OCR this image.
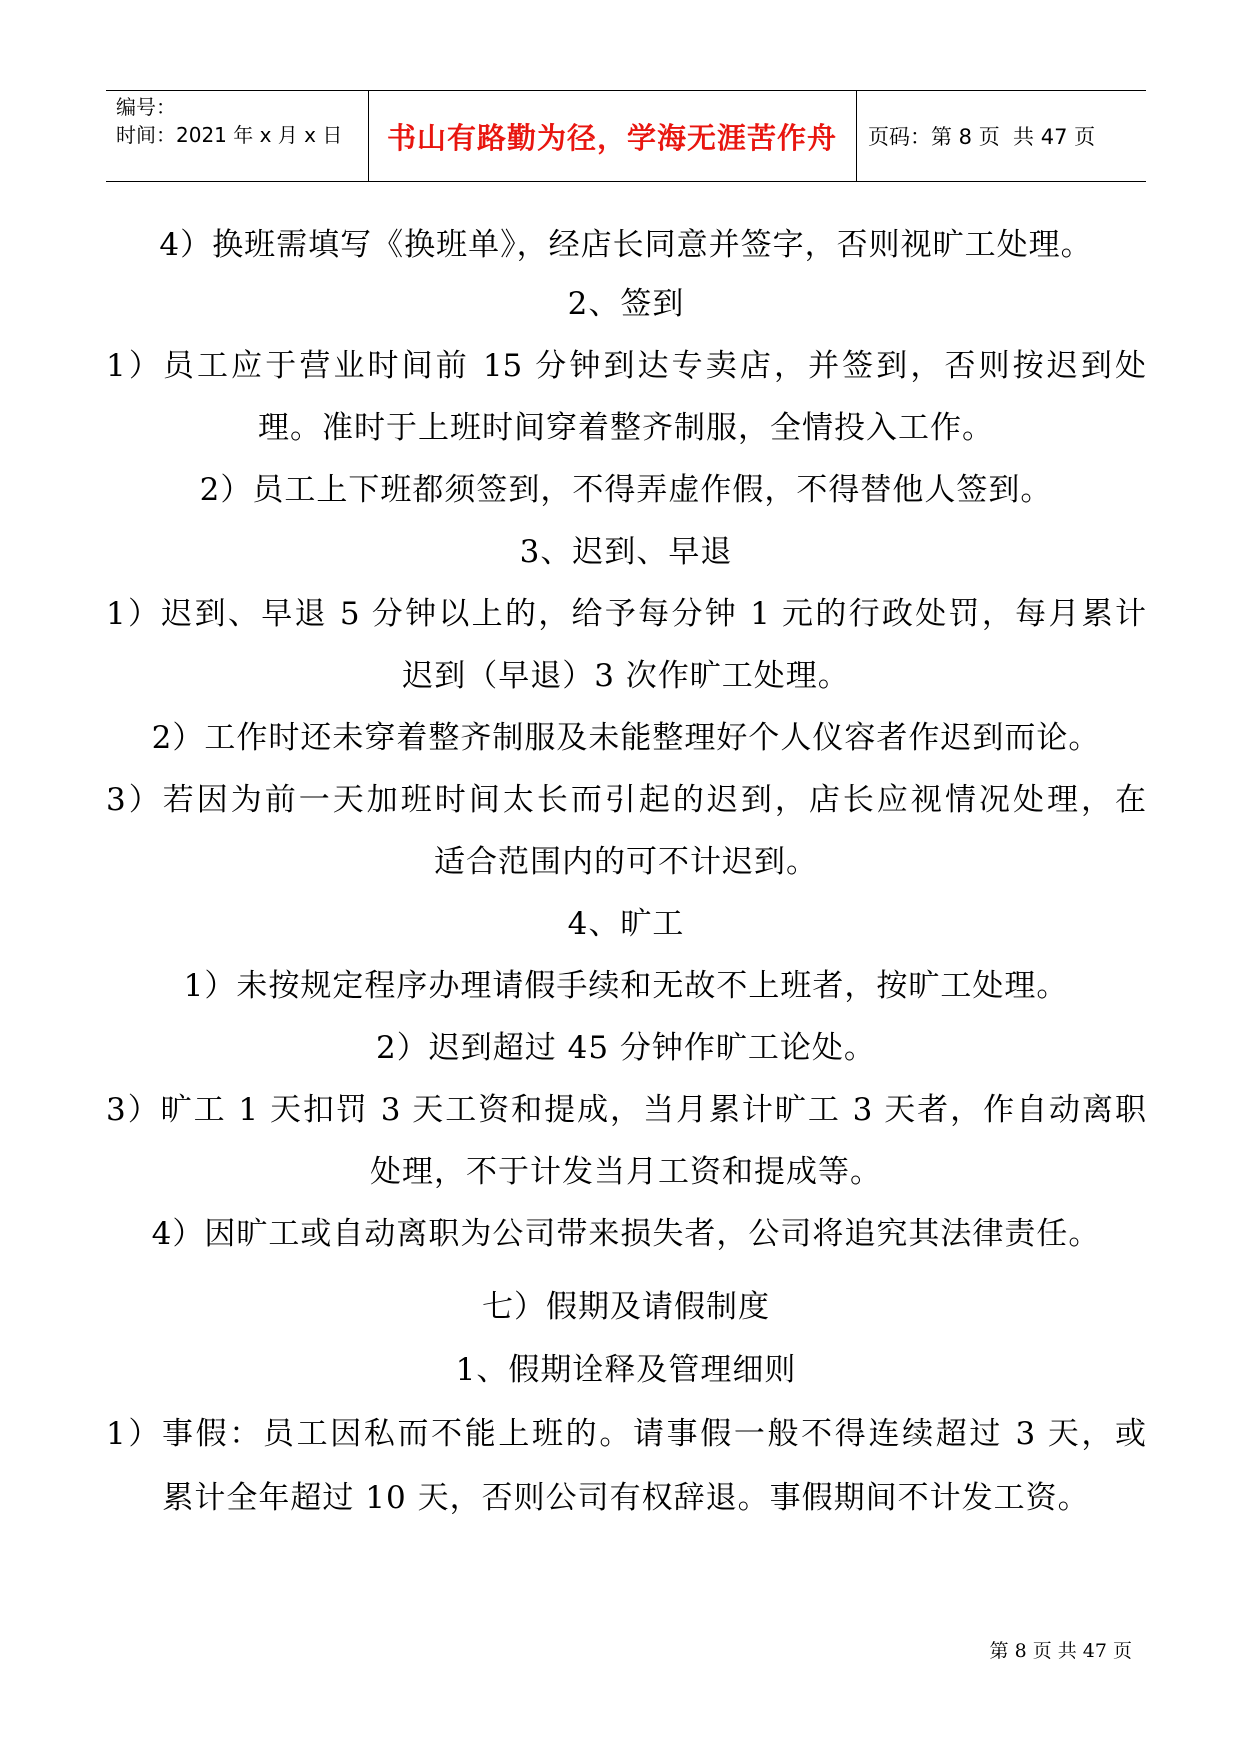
编号：
时间：2021 年 x 月 x 日	书山有路勤为径，学海无涯苦作舟	页码：第 8 页  共 47 页
4）换班需填写《换班单》，经店长同意并签字，否则视旷工处理。
2、签到
1）员工应于营业时间前 15 分钟到达专卖店，并签到，否则按迟到处
理。准时于上班时间穿着整齐制服，全情投入工作。
2）员工上下班都须签到，不得弄虚作假，不得替他人签到。
3、迟到、早退
1）迟到、早退 5 分钟以上的，给予每分钟 1 元的行政处罚，每月累计
迟到（早退）3 次作旷工处理。
2）工作时还未穿着整齐制服及未能整理好个人仪容者作迟到而论。
3）若因为前一天加班时间太长而引起的迟到，店长应视情况处理，在
适合范围内的可不计迟到。
4、旷工
1）未按规定程序办理请假手续和无故不上班者，按旷工处理。
2）迟到超过 45 分钟作旷工论处。
3）旷工 1 天扣罚 3 天工资和提成，当月累计旷工 3 天者，作自动离职
处理，不于计发当月工资和提成等。
4）因旷工或自动离职为公司带来损失者，公司将追究其法律责任。
七）假期及请假制度
1、假期诠释及管理细则
1）事假：员工因私而不能上班的。请事假一般不得连续超过 3 天，或
累计全年超过 10 天，否则公司有权辞退。事假期间不计发工资。
第 8 页 共 47 页
